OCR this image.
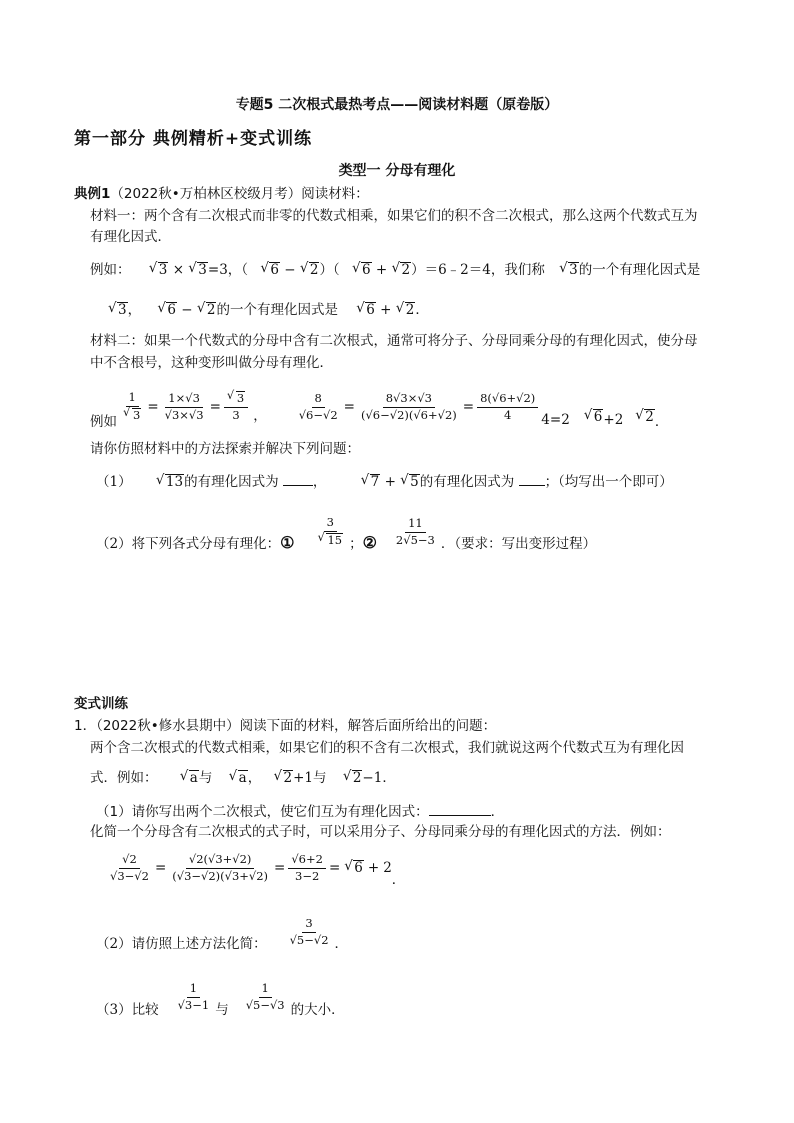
专题5 二次根式最热考点——阅读材料题（原卷版）
第一部分 典例精析+变式训练
类型一 分母有理化
典例1（2022秋•万柏林区校级月考）阅读材料：
材料一：两个含有二次根式而非零的代数式相乘，如果它们的积不含二次根式，那么这两个代数式互为
有理化因式．
例如： √ 3 × √ 3=3，（ √ 6 − √ 2）（ √ 6 + √ 2）＝6﹣2＝4，我们称 √ 3的一个有理化因式是
√ 3， √ 6 − √ 2的一个有理化因式是 √ 6 + √ 2．
材料二：如果一个代数式的分母中含有二次根式，通常可将分子、分母同乘分母的有理化因式，使分母
中不含根号，这种变形叫做分母有理化．
例如 1
√ $3 = \frac{1\times√3}{√3\times√3}$ = √ $\frac{3}{3}$ ，	$\frac{8}{√6-√2} = \frac{8√3\times√3}{(√6-√2)(√6+√2)} = \frac{8(√6+√2)}{4} 4=2$	√ 6 +2	√ 2 ．
请你仿照材料中的方法探索并解决下列问题：
（1）	√ 13的有理化因式为	，	√ 7 + √ 5的有理化因式为 ；（均写出一个即可）
（2）将下列各式分母有理化： ① 3
√ 15 ； ② $\frac{11}{2√5-3}$ ．（要求：写出变形过程）
变式训练
1．（2022秋•修水县期中）阅读下面的材料，解答后面所给出的问题：
两个含二次根式的代数式相乘，如果它们的积不含有二次根式，我们就说这两个代数式互为有理化因
式．例如： √ a与 √ a， √ 2+1与 √ 2−1．
（1）请你写出两个二次根式，使它们互为有理化因式：	．
化简一个分母含有二次根式的式子时，可以采用分子、分母同乘分母的有理化因式的方法．例如：
$\frac{√2}{√3-√2} = \frac{√2(√3+√2)}{(√3-√2)(√3+√2)} = \frac{√6+2}{3-2}$ =	√ 6 + 2
．
（2）请仿照上述方法化简： $\frac{3}{√5-√2}$ ．
（3）比较 $\frac{1}{√3-1}$ 与 $\frac{1}{√5-√3}$ 的大小．
